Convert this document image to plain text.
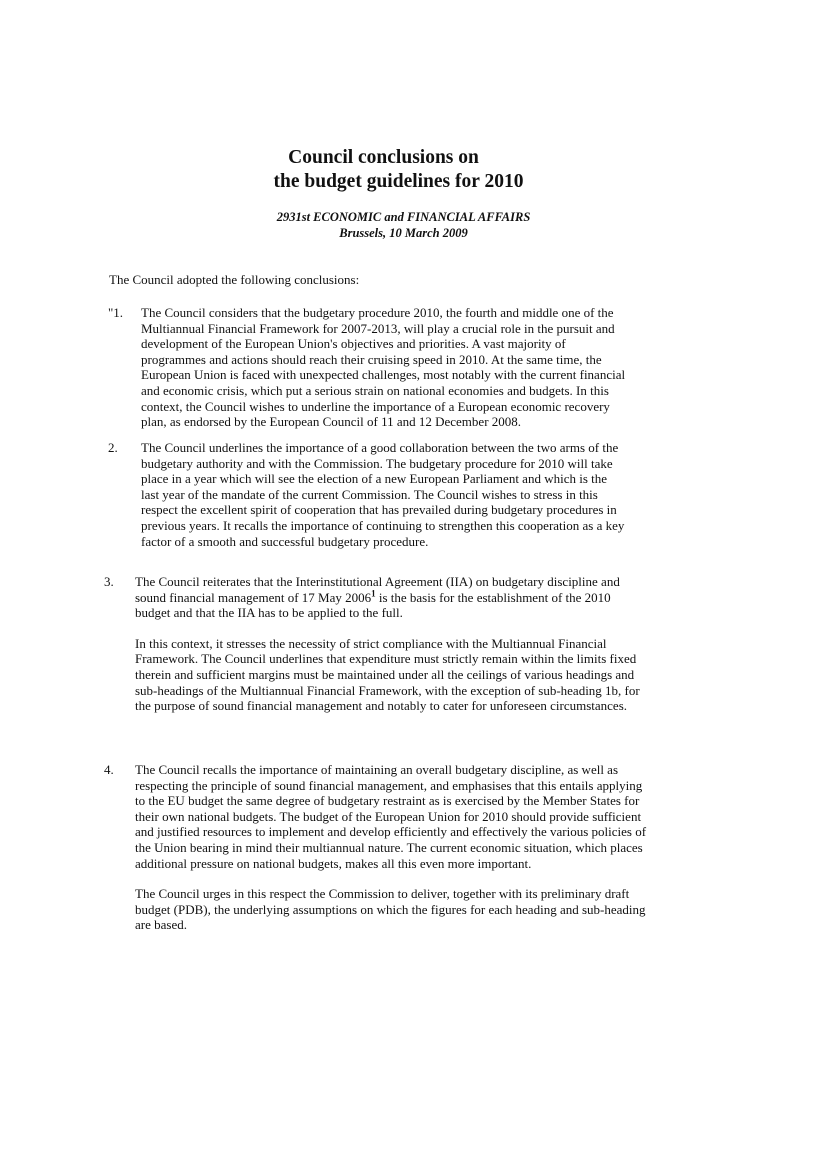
Council conclusions on
the budget guidelines for 2010
2931st ECONOMIC and FINANCIAL AFFAIRS
Brussels, 10 March 2009
The Council adopted the following conclusions:
"1. The Council considers that the budgetary procedure 2010, the fourth and middle one of the Multiannual Financial Framework for 2007-2013, will play a crucial role in the pursuit and development of the European Union's objectives and priorities. A vast majority of programmes and actions should reach their cruising speed in 2010. At the same time, the European Union is faced with unexpected challenges, most notably with the current financial and economic crisis, which put a serious strain on national economies and budgets. In this context, the Council wishes to underline the importance of a European economic recovery plan, as endorsed by the European Council of 11 and 12 December 2008.

2. The Council underlines the importance of a good collaboration between the two arms of the budgetary authority and with the Commission. The budgetary procedure for 2010 will take place in a year which will see the election of a new European Parliament and which is the last year of the mandate of the current Commission. The Council wishes to stress in this respect the excellent spirit of cooperation that has prevailed during budgetary procedures in previous years. It recalls the importance of continuing to strengthen this cooperation as a key factor of a smooth and successful budgetary procedure.

3. The Council reiterates that the Interinstitutional Agreement (IIA) on budgetary discipline and sound financial management of 17 May 2006$^1$ is the basis for the establishment of the 2010 budget and that the IIA has to be applied to the full.

In this context, it stresses the necessity of strict compliance with the Multiannual Financial Framework. The Council underlines that expenditure must strictly remain within the limits fixed therein and sufficient margins must be maintained under all the ceilings of various headings and sub-headings of the Multiannual Financial Framework, with the exception of sub-heading 1b, for the purpose of sound financial management and notably to cater for unforeseen circumstances.

4. The Council recalls the importance of maintaining an overall budgetary discipline, as well as respecting the principle of sound financial management, and emphasises that this entails applying to the EU budget the same degree of budgetary restraint as is exercised by the Member States for their own national budgets. The budget of the European Union for 2010 should provide sufficient and justified resources to implement and develop efficiently and effectively the various policies of the Union bearing in mind their multiannual nature. The current economic situation, which places additional pressure on national budgets, makes all this even more important.

The Council urges in this respect the Commission to deliver, together with its preliminary draft budget (PDB), the underlying assumptions on which the figures for each heading and sub-heading are based.
